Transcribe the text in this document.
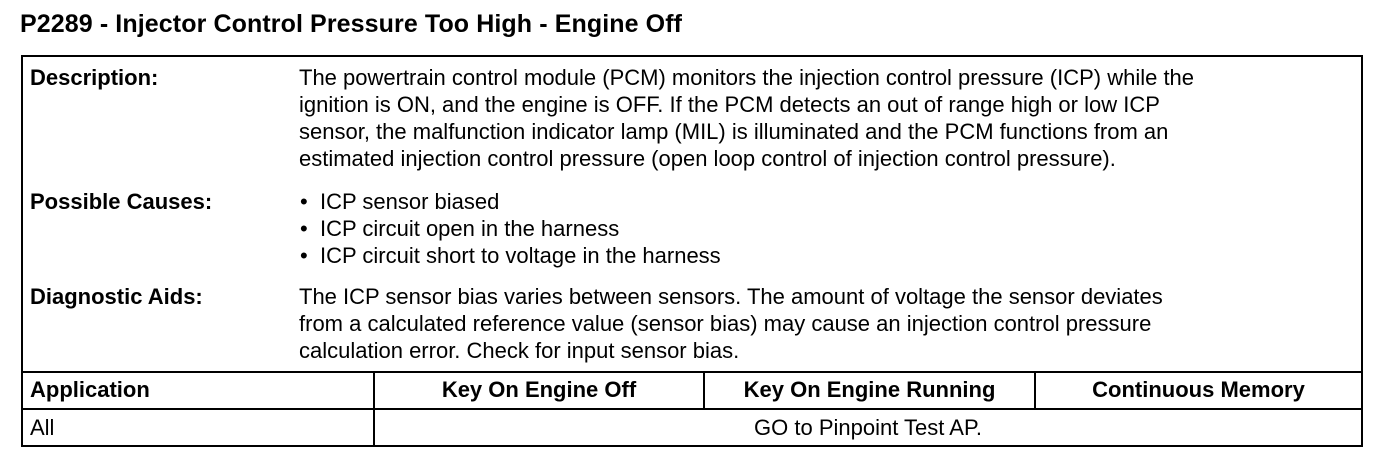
P2289 - Injector Control Pressure Too High - Engine Off
Description:	The powertrain control module (PCM) monitors the injection control pressure (ICP) while the
ignition is ON, and the engine is OFF. If the PCM detects an out of range high or low ICP
sensor, the malfunction indicator lamp (MIL) is illuminated and the PCM functions from an
estimated injection control pressure (open loop control of injection control pressure).
Possible Causes:
•	ICP sensor biased
• ICP circuit open in the harness
• ICP circuit short to voltage in the harness
Diagnostic Aids:	The ICP sensor bias varies between sensors. The amount of voltage the sensor deviates
from a calculated reference value (sensor bias) may cause an injection control pressure
calculation error. Check for input sensor bias.
Application	Key On Engine Off	Key On Engine Running	Continuous Memory
All	GO to Pinpoint Test AP.
